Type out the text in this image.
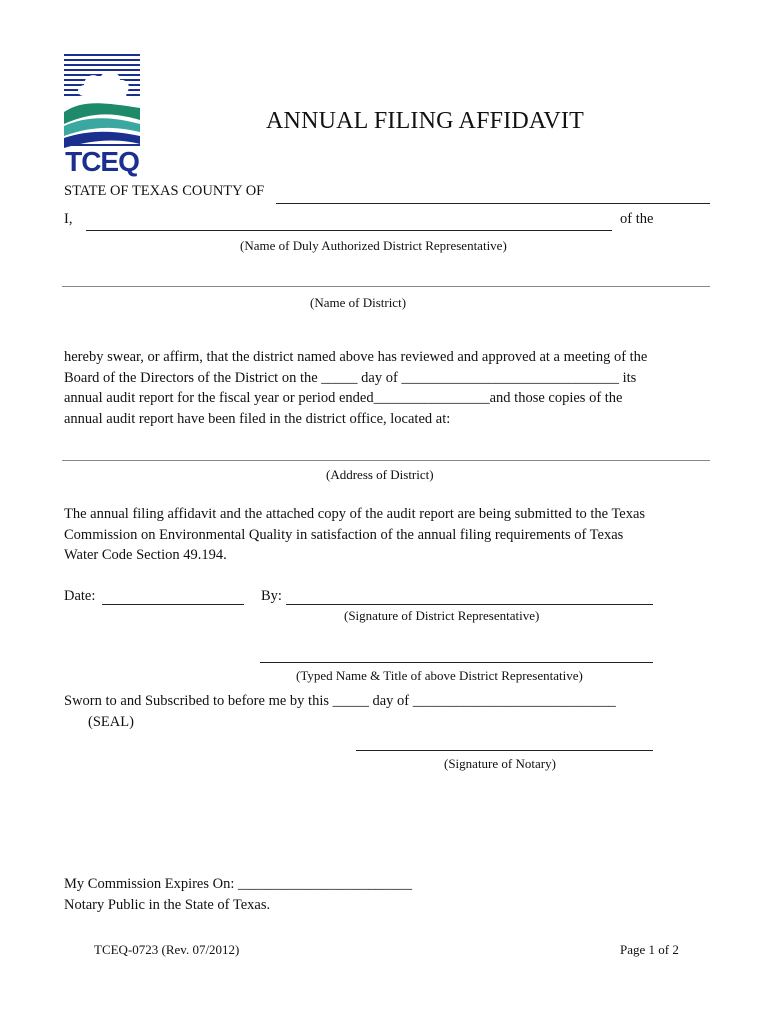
TCEQ
ANNUAL FILING AFFIDAVIT
STATE OF TEXAS COUNTY OF
I,	of the
(Name of Duly Authorized District Representative)
(Name of District)
hereby swear, or affirm, that the district named above has reviewed and approved at a meeting of the
Board of the Directors of the District on the _____ day of ______________________________ its
annual audit report for the fiscal year or period ended________________and those copies of the
annual audit report have been filed in the district office, located at:
(Address of District)
The annual filing affidavit and the attached copy of the audit report are being submitted to the Texas
Commission on Environmental Quality in satisfaction of the annual filing requirements of Texas
Water Code Section 49.194.
Date:	By:
(Signature of District Representative)
(Typed Name & Title of above District Representative)
Sworn to and Subscribed to before me by this _____ day of ____________________________
(SEAL)
(Signature of Notary)
My Commission Expires On: ________________________
Notary Public in the State of Texas.
TCEQ-0723 (Rev. 07/2012)	Page 1 of 2
